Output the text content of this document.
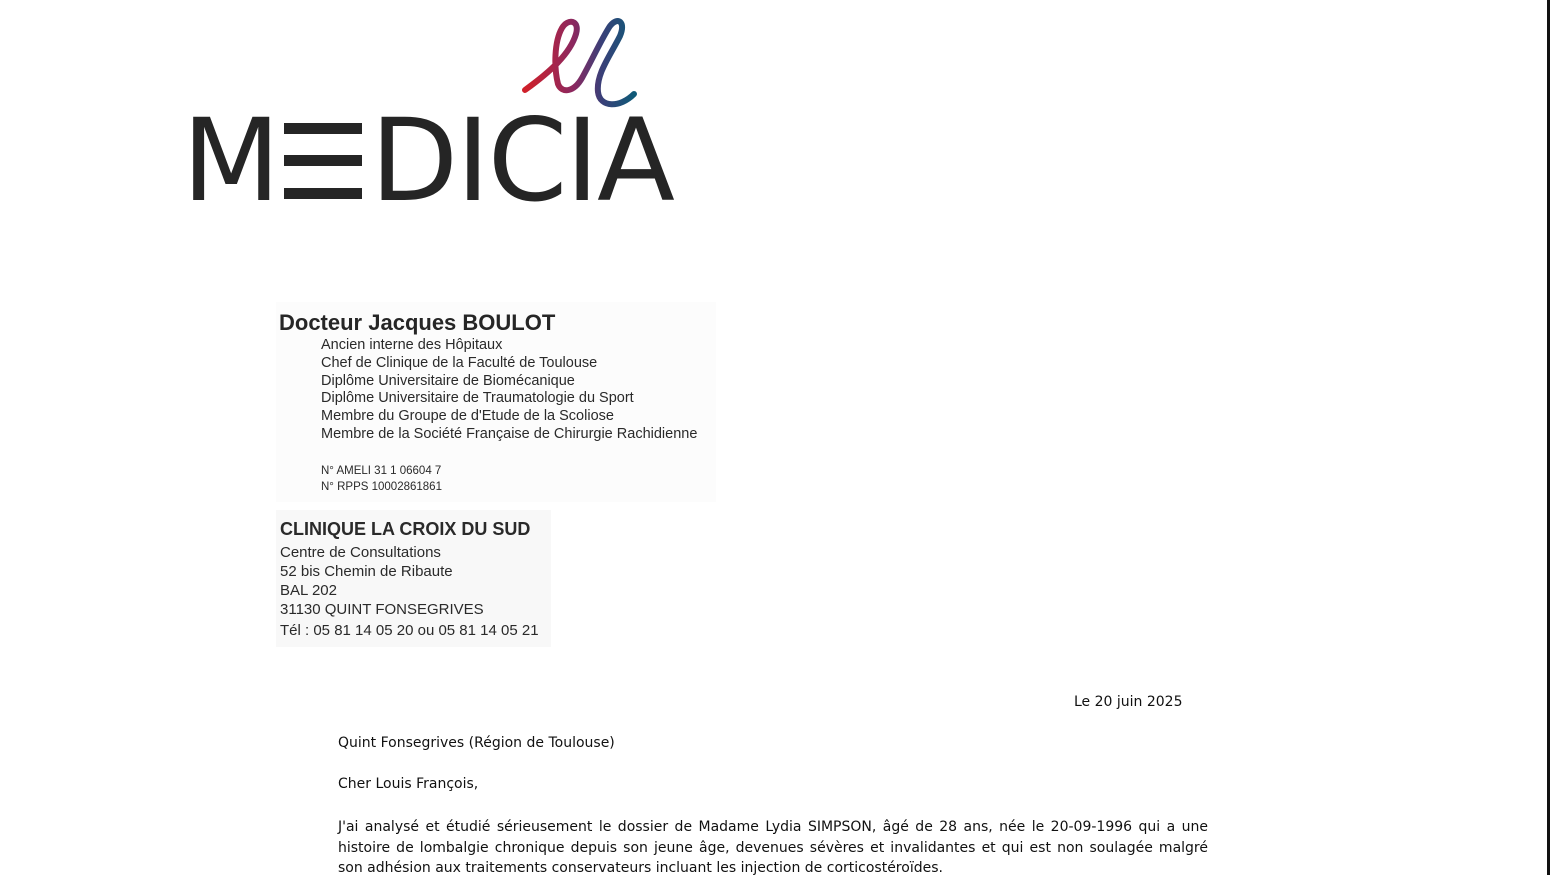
M DICIA
Docteur Jacques BOULOT
Ancien interne des Hôpitaux
Chef de Clinique de la Faculté de Toulouse
Diplôme Universitaire de Biomécanique
Diplôme Universitaire de Traumatologie du Sport
Membre du Groupe de d'Etude de la Scoliose
Membre de la Société Française de Chirurgie Rachidienne
N° AMELI 31 1 06604 7
N° RPPS 10002861861
CLINIQUE LA CROIX DU SUD
Centre de Consultations
52 bis Chemin de Ribaute
BAL 202
31130 QUINT FONSEGRIVES
Tél : 05 81 14 05 20 ou 05 81 14 05 21
Le 20 juin 2025
Quint Fonsegrives (Région de Toulouse)
Cher Louis François,

J'ai analysé et étudié sérieusement le dossier de Madame Lydia SIMPSON, âgé de 28 ans, née le 20-09-1996 qui a une histoire de lombalgie chronique depuis son jeune âge, devenues sévères et invalidantes et qui est non soulagée malgré son adhésion aux traitements conservateurs incluant les injection de corticostéroïdes.
